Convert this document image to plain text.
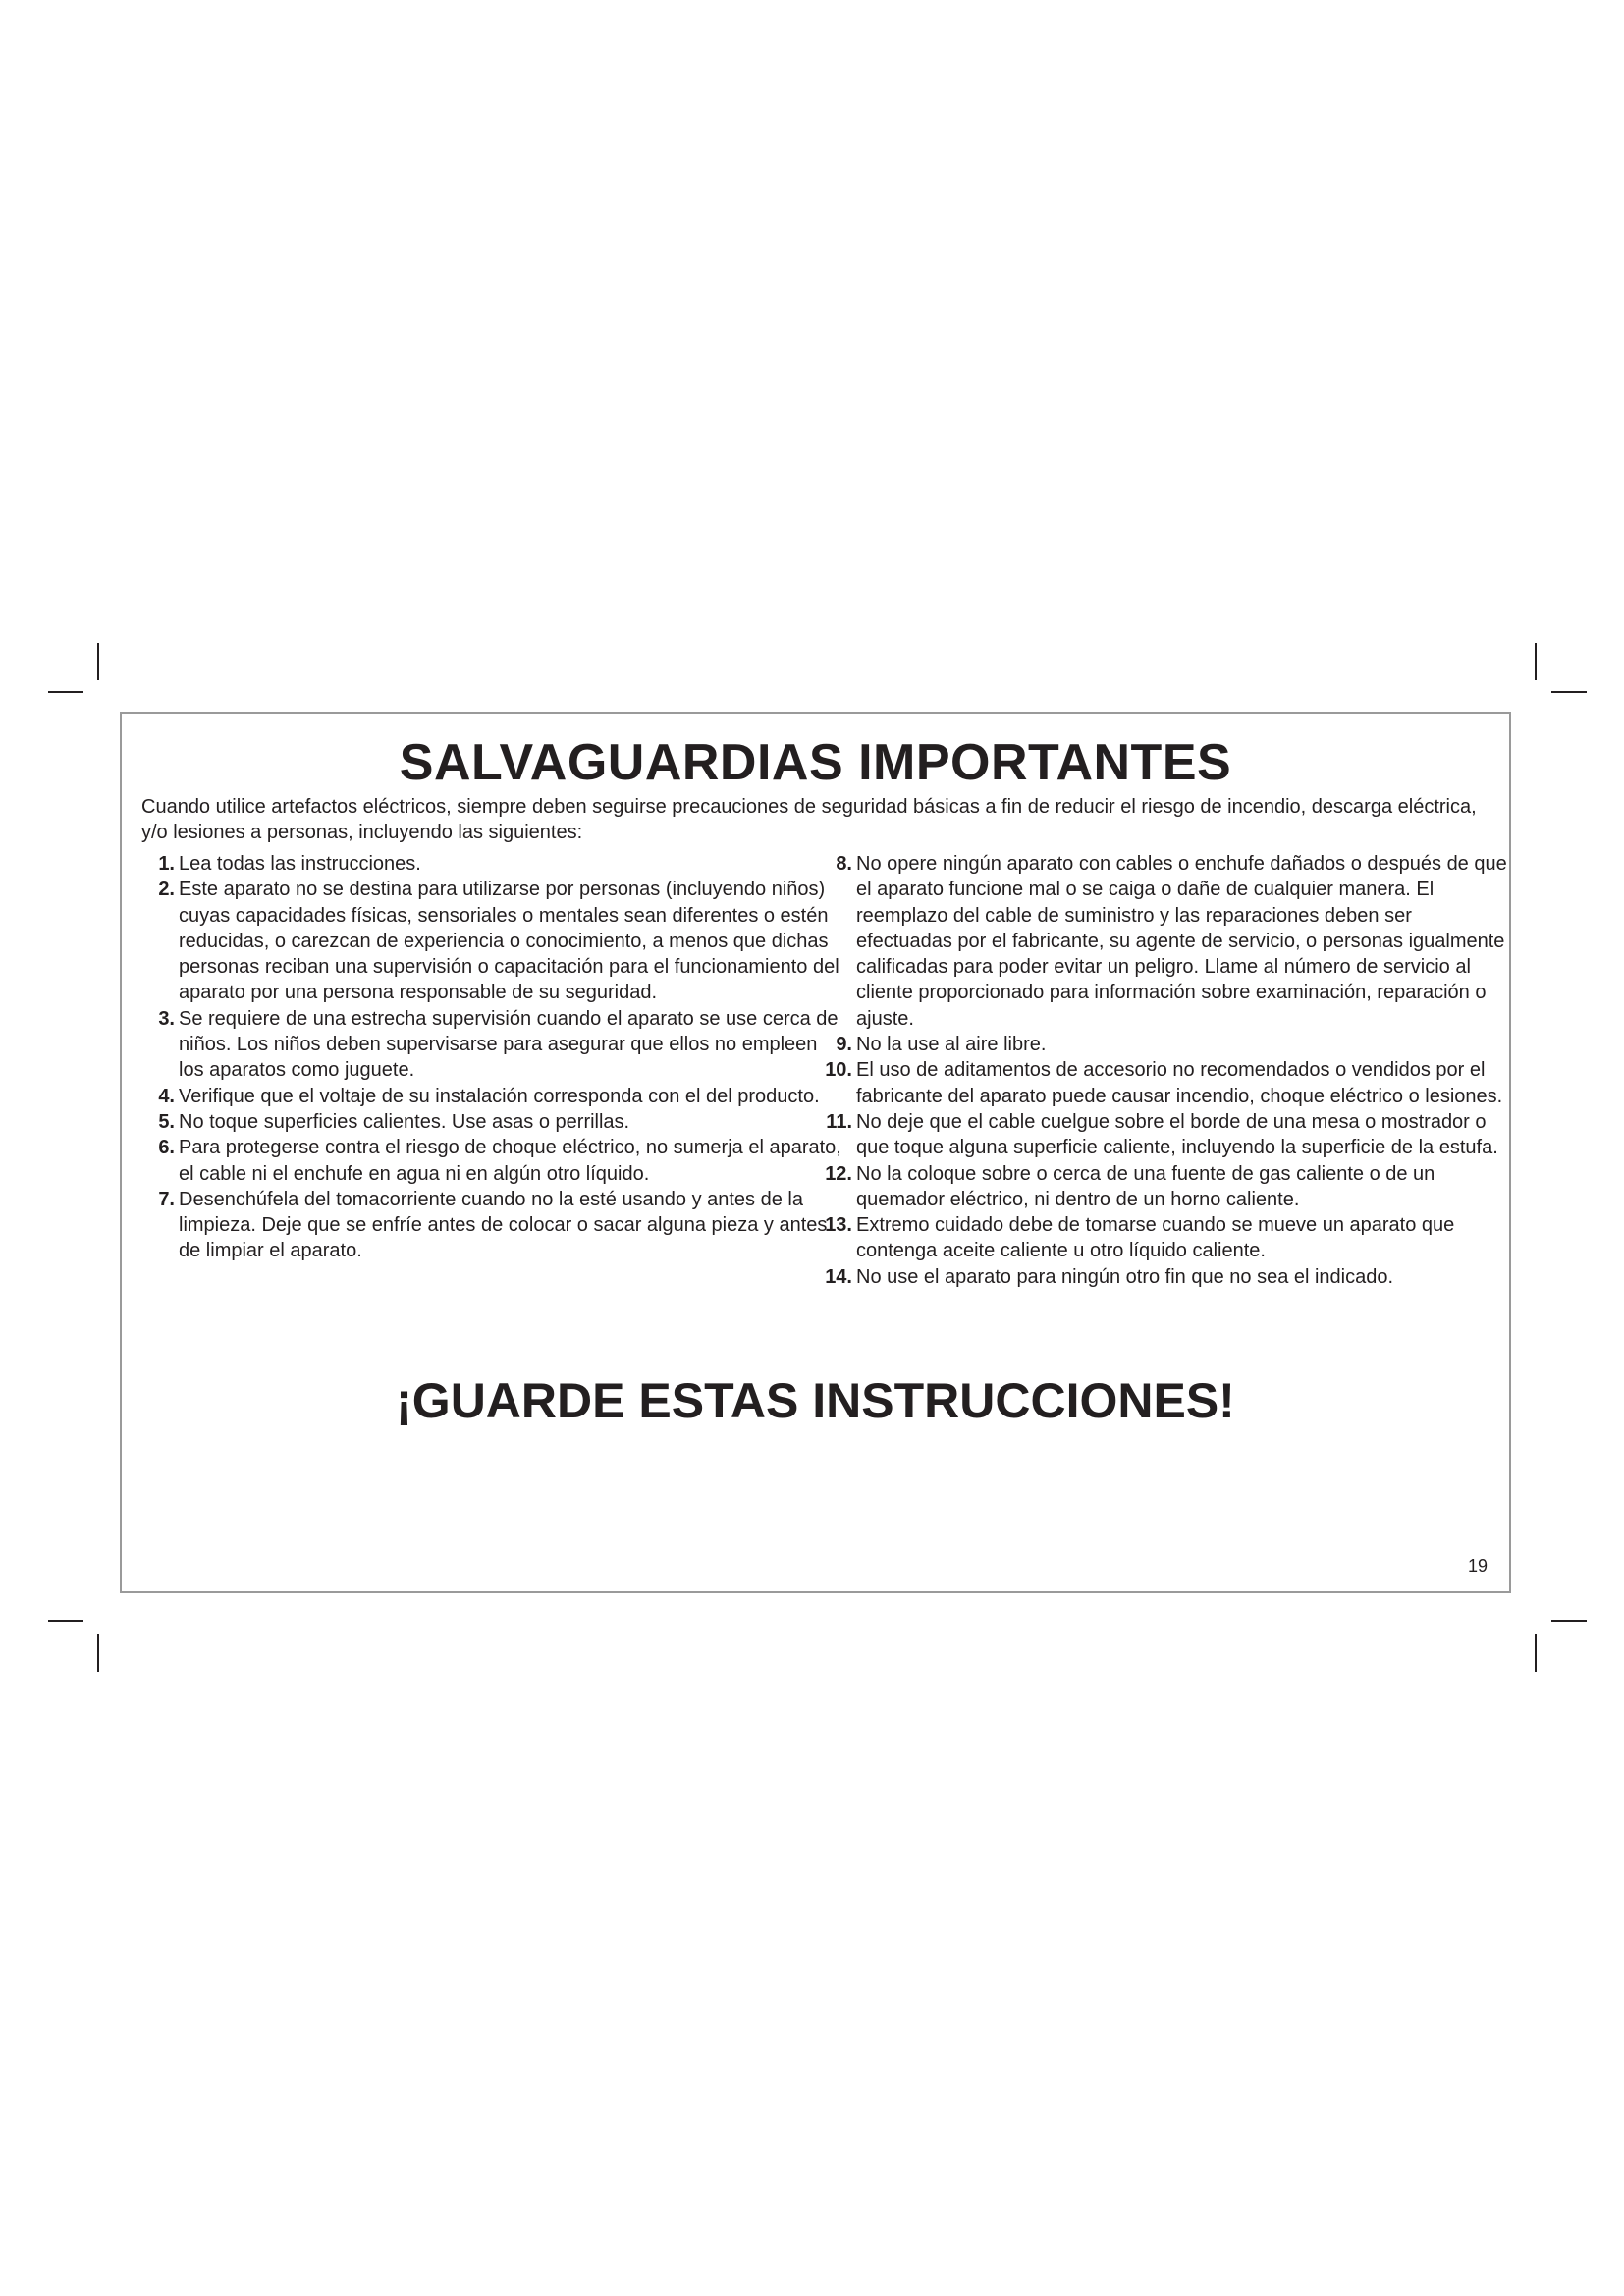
SALVAGUARDIAS IMPORTANTES

Cuando utilice artefactos eléctricos, siempre deben seguirse precauciones de seguridad básicas a fin de reducir el riesgo de incendio, descarga eléctrica, y/o lesiones a personas, incluyendo las siguientes:

1. Lea todas las instrucciones.
2. Este aparato no se destina para utilizarse por personas (incluyendo niños) cuyas capacidades físicas, sensoriales o mentales sean diferentes o estén reducidas, o carezcan de experiencia o conocimiento, a menos que dichas personas reciban una supervisión o capacitación para el funcionamiento del aparato por una persona responsable de su seguridad.
3. Se requiere de una estrecha supervisión cuando el aparato se use cerca de niños. Los niños deben supervisarse para asegurar que ellos no empleen los aparatos como juguete.
4. Verifique que el voltaje de su instalación corresponda con el del producto.
5. No toque superficies calientes. Use asas o perrillas.
6. Para protegerse contra el riesgo de choque eléctrico, no sumerja el aparato, el cable ni el enchufe en agua ni en algún otro líquido.
7. Desenchúfela del tomacorriente cuando no la esté usando y antes de la limpieza. Deje que se enfríe antes de colocar o sacar alguna pieza y antes de limpiar el aparato.
8. No opere ningún aparato con cables o enchufe dañados o después de que el aparato funcione mal o se caiga o dañe de cualquier manera. El reemplazo del cable de suministro y las reparaciones deben ser efectuadas por el fabricante, su agente de servicio, o personas igualmente calificadas para poder evitar un peligro. Llame al número de servicio al cliente proporcionado para información sobre examinación, reparación o ajuste.
9. No la use al aire libre.
10. El uso de aditamentos de accesorio no recomendados o vendidos por el fabricante del aparato puede causar incendio, choque eléctrico o lesiones.
11. No deje que el cable cuelgue sobre el borde de una mesa o mostrador o que toque alguna superficie caliente, incluyendo la superficie de la estufa.
12. No la coloque sobre o cerca de una fuente de gas caliente o de un quemador eléctrico, ni dentro de un horno caliente.
13. Extremo cuidado debe de tomarse cuando se mueve un aparato que contenga aceite caliente u otro líquido caliente.
14. No use el aparato para ningún otro fin que no sea el indicado.
¡GUARDE ESTAS INSTRUCCIONES!
19
